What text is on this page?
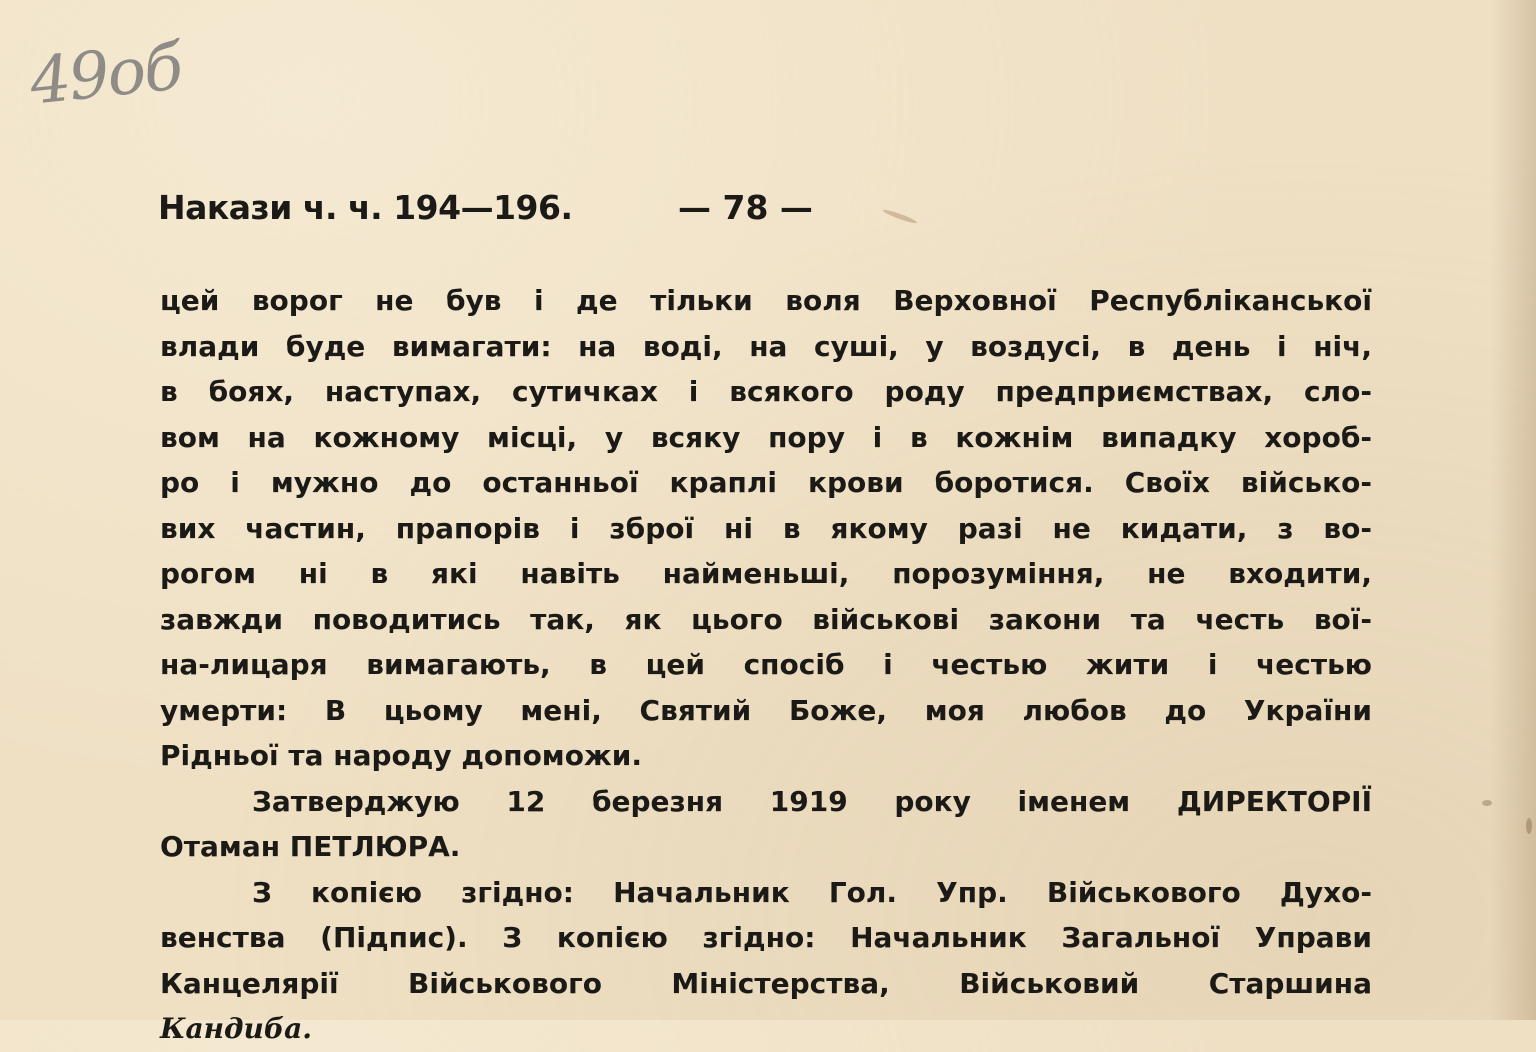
49об
Накази ч. ч. 194—196.	— 78 —
цей ворог не був і де тільки воля Верховної Республіканської
влади буде вимагати: на воді, на суші, у воздусі, в день і ніч,
в боях, наступах, сутичках і всякого роду предприємствах, сло-
вом на кожному місці, у всяку пору і в кожнім випадку хороб-
ро і мужно до останньої краплі крови боротися. Своїх військо-
вих частин, прапорів і зброї ні в якому разі не кидати, з во-
рогом ні в які навіть найменьші, порозуміння, не входити,
завжди поводитись так, як цього військові закони та честь вої-
на-лицаря вимагають, в цей спосіб і честью жити і честью
умерти: В цьому мені, Святий Боже, моя любов до України
Рідньої та народу допоможи.
Затверджую 12 березня 1919 року іменем ДИРЕКТОРІЇ
Отаман ПЕТЛЮРА.
З копією згідно: Начальник Гол. Упр. Військового Духо-
венства (Підпис). З копією згідно: Начальник Загальної Управи
Канцелярії Військового Міністерства, Військовий Старшина
Кандиба.
